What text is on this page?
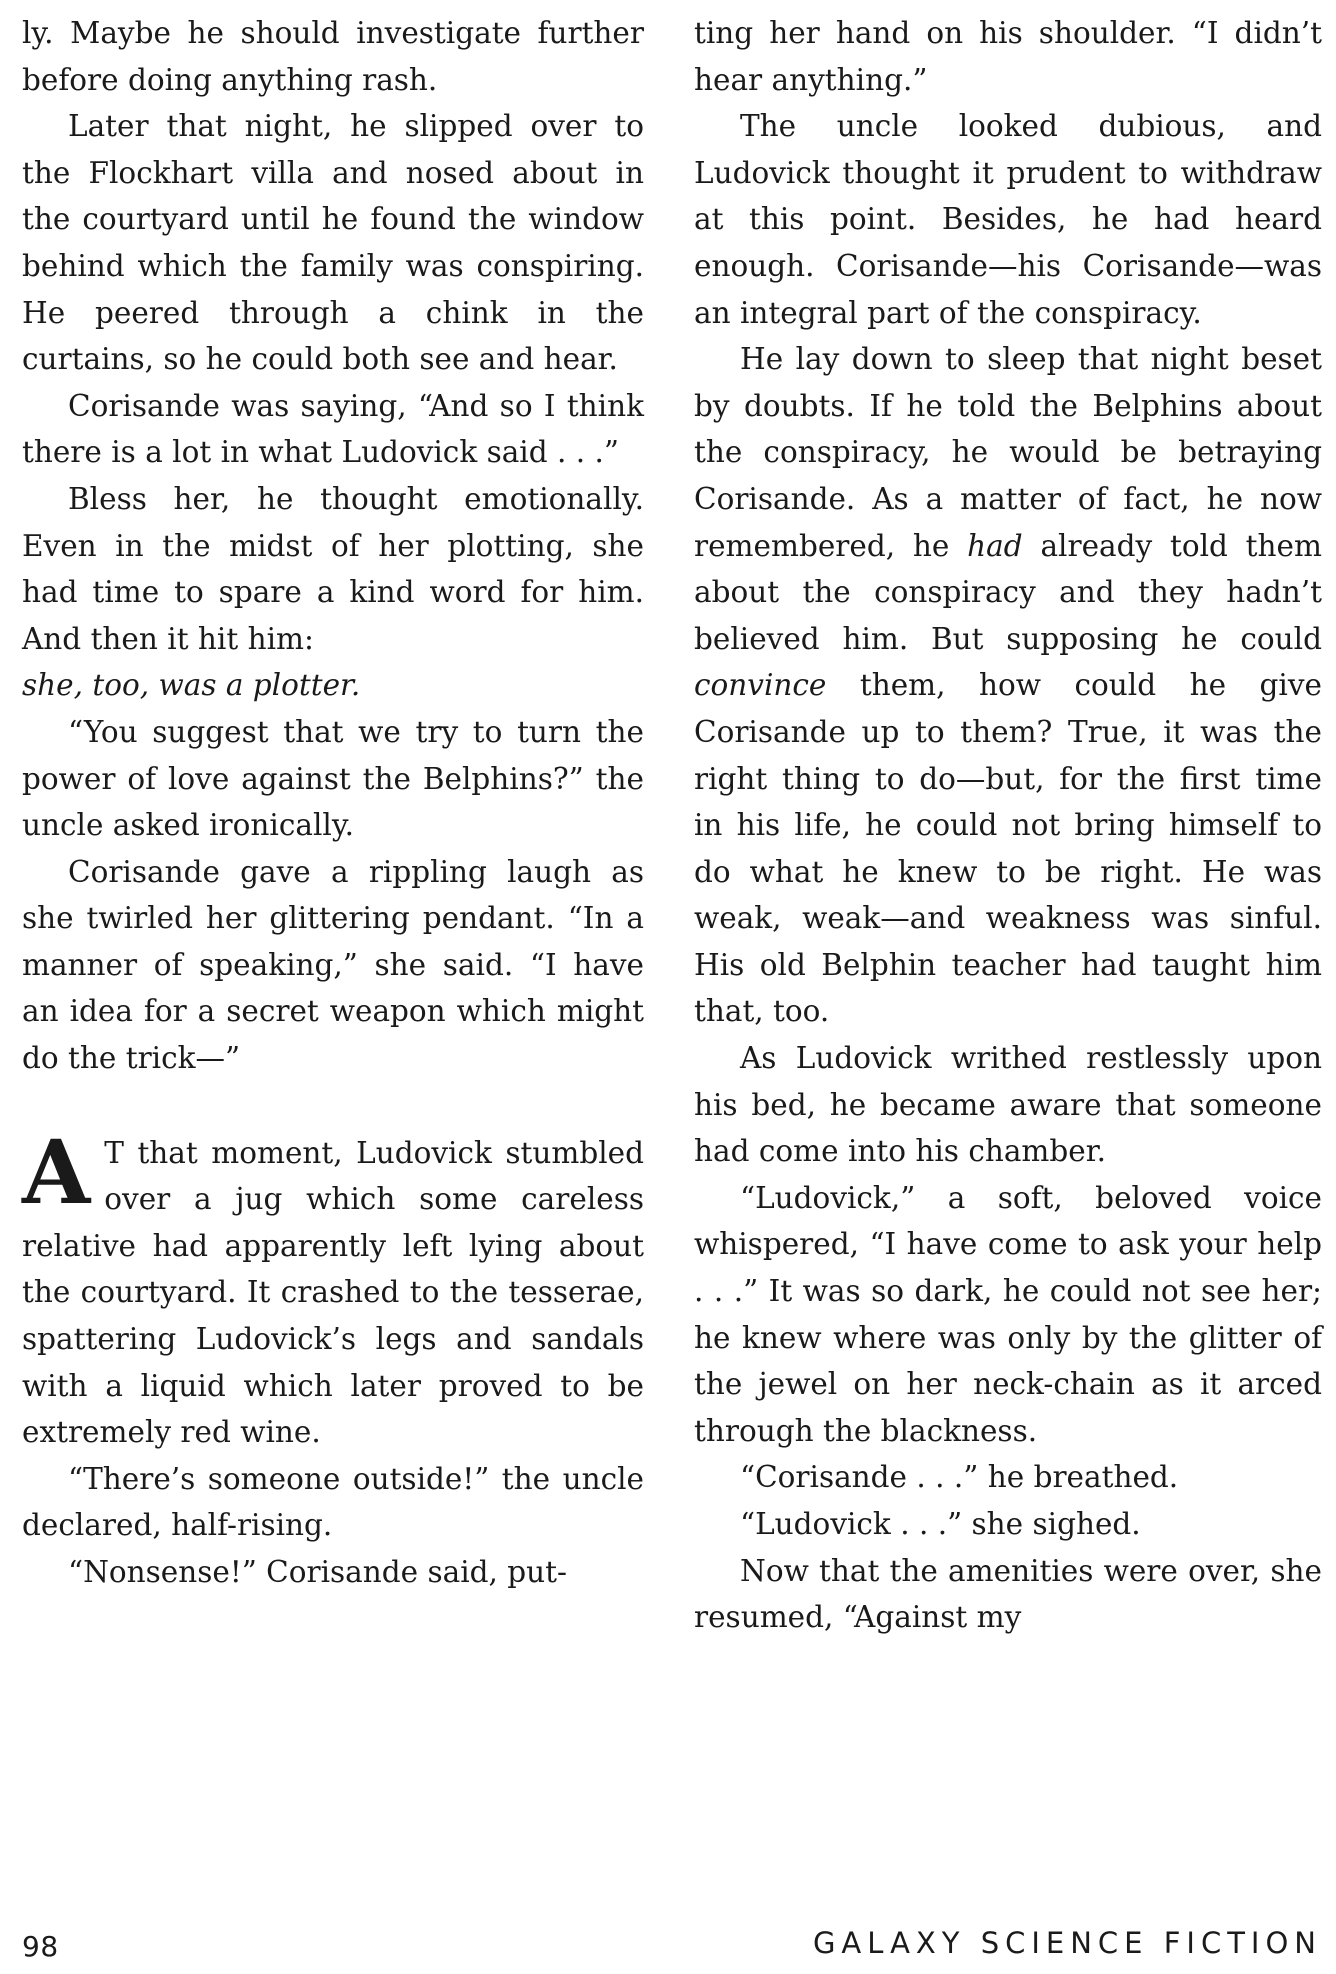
ly. Maybe he should investigate further before doing anything rash.

Later that night, he slipped over to the Flockhart villa and nosed about in the courtyard until he found the window behind which the family was conspiring. He peered through a chink in the curtains, so he could both see and hear.

Corisande was saying, “And so I think there is a lot in what Ludovick said . . .”

Bless her, he thought emotionally. Even in the midst of her plotting, she had time to spare a kind word for him. And then it hit him:
she, too, was a plotter.

“You suggest that we try to turn the power of love against the Belphins?” the uncle asked ironically.

Corisande gave a rippling laugh as she twirled her glittering pendant. “In a manner of speaking,” she said. “I have an idea for a secret weapon which might do the trick—”

A T that moment, Ludovick stumbled over a jug which some careless relative had apparently left lying about the courtyard. It crashed to the tesserae, spattering Ludovick’s legs and sandals with a liquid which later proved to be extremely red wine.

“There’s someone outside!” the uncle declared, half-rising.

“Nonsense!” Corisande said, put-

ting her hand on his shoulder. “I didn’t hear anything.”

The uncle looked dubious, and Ludovick thought it prudent to withdraw at this point. Besides, he had heard enough. Corisande—his Corisande—was an integral part of the conspiracy.

He lay down to sleep that night beset by doubts. If he told the Belphins about the conspiracy, he would be betraying Corisande. As a matter of fact, he now remembered, he had already told them about the conspiracy and they hadn’t believed him. But supposing he could convince them, how could he give Corisande up to them? True, it was the right thing to do—but, for the first time in his life, he could not bring himself to do what he knew to be right. He was weak, weak—and weakness was sinful. His old Belphin teacher had taught him that, too.

As Ludovick writhed restlessly upon his bed, he became aware that someone had come into his chamber.

“Ludovick,” a soft, beloved voice whispered, “I have come to ask your help . . .” It was so dark, he could not see her; he knew where was only by the glitter of the jewel on her neck-chain as it arced through the blackness.

“Corisande . . .” he breathed.

“Ludovick . . .” she sighed.

Now that the amenities were over, she resumed, “Against my

98	GALAXY SCIENCE FICTION
